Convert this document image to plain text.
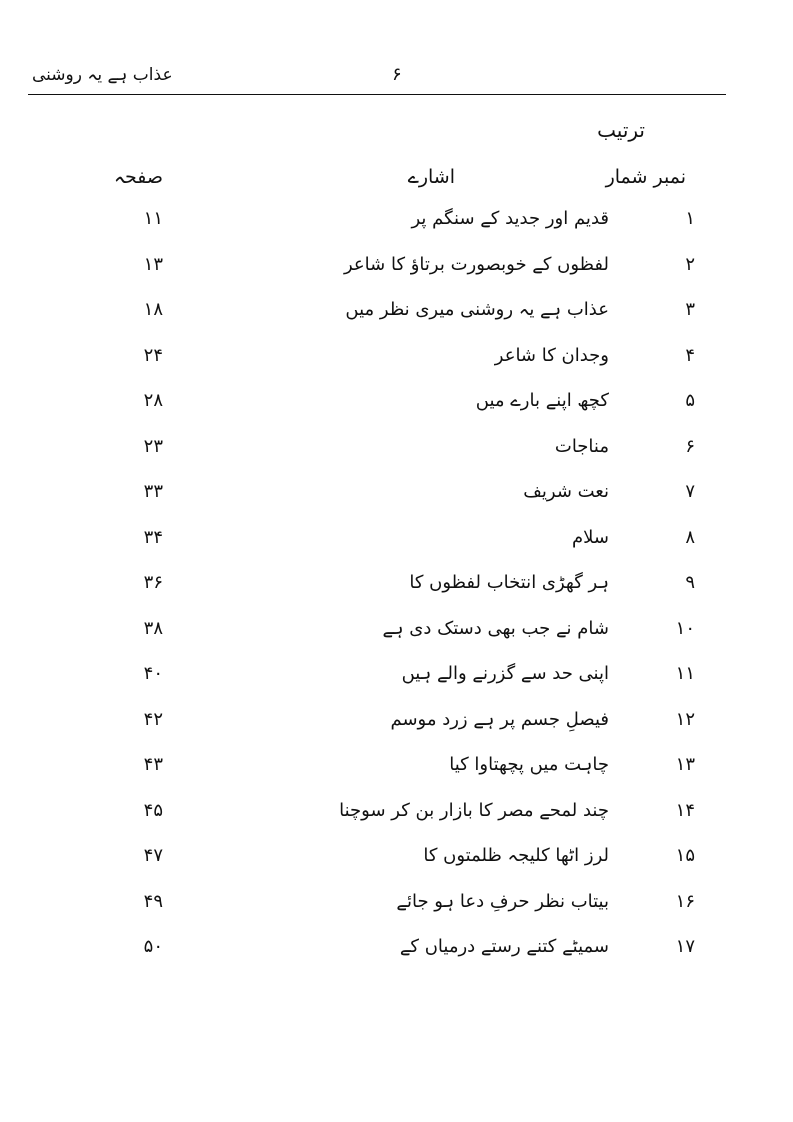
عذاب ہے یہ روشنی	۶
ترتیب
نمبر شمار
اشارے
صفحہ
۱
قدیم اور جدید کے سنگم پر
۱۱
۲
لفظوں کے خوبصورت برتاؤ کا شاعر
۱۳
۳
عذاب ہے یہ روشنی میری نظر میں
۱۸
۴
وجدان کا شاعر
۲۴
۵
کچھ اپنے بارے میں
۲۸
۶
مناجات
۲۳
۷
نعت شریف
۳۳
۸
سلام
۳۴
۹
ہر گھڑی انتخاب لفظوں کا
۳۶
۱۰
شام نے جب بھی دستک دی ہے
۳۸
۱۱
اپنی حد سے گزرنے والے ہیں
۴۰
۱۲
فیصلِ جسم پر ہے زرد موسم
۴۲
۱۳
چاہت میں پچھتاوا کیا
۴۳
۱۴
چند لمحے مصر کا بازار بن کر سوچنا
۴۵
۱۵
لرز اٹھا کلیجہ ظلمتوں کا
۴۷
۱۶
بیتاب نظر حرفِ دعا ہو جائے
۴۹
۱۷
سمیٹے کتنے رستے درمیاں کے
۵۰
